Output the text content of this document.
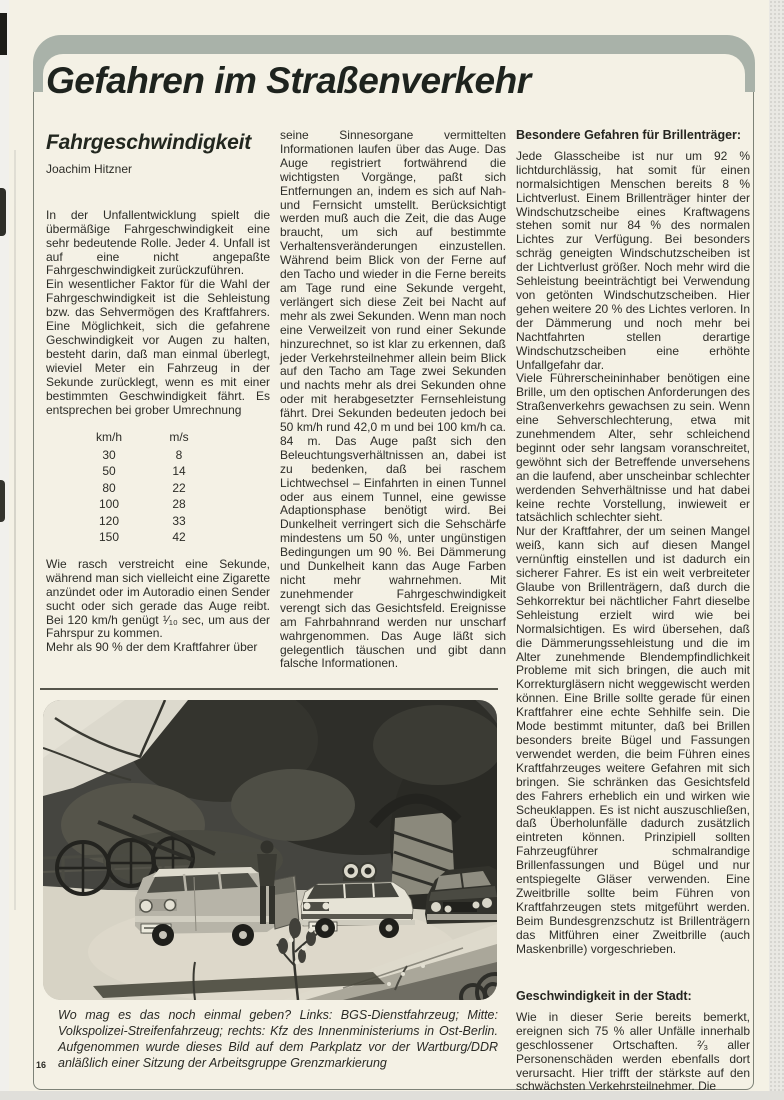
Gefahren im Straßenverkehr
Fahrgeschwindigkeit
Joachim Hitzner

In der Unfallentwicklung spielt die übermäßige Fahrgeschwindigkeit eine sehr bedeutende Rolle. Jeder 4. Unfall ist auf eine nicht angepaßte Fahrgeschwindigkeit zurückzuführen.

Ein wesentlicher Faktor für die Wahl der Fahrgeschwindigkeit ist die Sehleistung bzw. das Sehvermögen des Kraftfahrers. Eine Möglichkeit, sich die gefahrene Geschwindigkeit vor Augen zu halten, besteht darin, daß man einmal überlegt, wieviel Meter ein Fahrzeug in der Sekunde zurücklegt, wenn es mit einer bestimmten Geschwindigkeit fährt. Es entsprechen bei grober Umrechnung

km/h	m/s
30	8
50	14
80	22
100	28
120	33
150	42

Wie rasch verstreicht eine Sekunde, während man sich vielleicht eine Zigarette anzündet oder im Autoradio einen Sender sucht oder sich gerade das Auge reibt. Bei 120 km/h genügt ¹⁄₁₀ sec, um aus der Fahrspur zu kommen.

Mehr als 90 % der dem Kraftfahrer über

seine Sinnesorgane vermittelten Informationen laufen über das Auge. Das Auge registriert fortwährend die wichtigsten Vorgänge, paßt sich Entfernungen an, indem es sich auf Nah- und Fernsicht umstellt. Berücksichtigt werden muß auch die Zeit, die das Auge braucht, um sich auf bestimmte Verhaltensveränderungen einzustellen. Während beim Blick von der Ferne auf den Tacho und wieder in die Ferne bereits am Tage rund eine Sekunde vergeht, verlängert sich diese Zeit bei Nacht auf mehr als zwei Sekunden. Wenn man noch eine Verweilzeit von rund einer Sekunde hinzurechnet, so ist klar zu erkennen, daß jeder Verkehrsteilnehmer allein beim Blick auf den Tacho am Tage zwei Sekunden und nachts mehr als drei Sekunden ohne oder mit herabgesetzter Fernsehleistung fährt. Drei Sekunden bedeuten jedoch bei 50 km/h rund 42,0 m und bei 100 km/h ca. 84 m. Das Auge paßt sich den Beleuchtungsverhältnissen an, dabei ist zu bedenken, daß bei raschem Lichtwechsel – Einfahrten in einen Tunnel oder aus einem Tunnel, eine gewisse Adaptionsphase benötigt wird. Bei Dunkelheit verringert sich die Sehschärfe mindestens um 50 %, unter ungünstigen Bedingungen um 90 %. Bei Dämmerung und Dunkelheit kann das Auge Farben nicht mehr wahrnehmen. Mit zunehmender Fahrgeschwindigkeit verengt sich das Gesichtsfeld. Ereignisse am Fahrbahnrand werden nur unscharf wahrgenommen. Das Auge läßt sich gelegentlich täuschen und gibt dann falsche Informationen.

Besondere Gefahren für Brillenträger:

Jede Glasscheibe ist nur um 92 % lichtdurchlässig, hat somit für einen normalsichtigen Menschen bereits 8 % Lichtverlust. Einem Brillenträger hinter der Windschutzscheibe eines Kraftwagens stehen somit nur 84 % des normalen Lichtes zur Verfügung. Bei besonders schräg geneigten Windschutzscheiben ist der Lichtverlust größer. Noch mehr wird die Sehleistung beeinträchtigt bei Verwendung von getönten Windschutzscheiben. Hier gehen weitere 20 % des Lichtes verloren. In der Dämmerung und noch mehr bei Nachtfahrten stellen derartige Windschutzscheiben eine erhöhte Unfallgefahr dar.

Viele Führerscheininhaber benötigen eine Brille, um den optischen Anforderungen des Straßenverkehrs gewachsen zu sein. Wenn eine Sehverschlechterung, etwa mit zunehmendem Alter, sehr schleichend beginnt oder sehr langsam voranschreitet, gewöhnt sich der Betreffende unversehens an die laufend, aber unscheinbar schlechter werdenden Sehverhältnisse und hat dabei keine rechte Vorstellung, inwieweit er tatsächlich schlechter sieht.

Nur der Kraftfahrer, der um seinen Mangel weiß, kann sich auf diesen Mangel vernünftig einstellen und ist dadurch ein sicherer Fahrer. Es ist ein weit verbreiteter Glaube von Brillenträgern, daß durch die Sehkorrektur bei nächtlicher Fahrt dieselbe Sehleistung erzielt wird wie bei Normalsichtigen. Es wird übersehen, daß die Dämmerungssehleistung und die im Alter zunehmende Blendempfindlichkeit Probleme mit sich bringen, die auch mit Korrekturgläsern nicht weggewischt werden können. Eine Brille sollte gerade für einen Kraftfahrer eine echte Sehhilfe sein. Die Mode bestimmt mitunter, daß bei Brillen besonders breite Bügel und Fassungen verwendet werden, die beim Führen eines Kraftfahrzeuges weitere Gefahren mit sich bringen. Sie schränken das Gesichtsfeld des Fahrers erheblich ein und wirken wie Scheuklappen. Es ist nicht auszuschließen, daß Überholunfälle dadurch zusätzlich eintreten können. Prinzipiell sollten Fahrzeugführer schmalrandige Brillenfassungen und Bügel und nur entspiegelte Gläser verwenden. Eine Zweitbrille sollte beim Führen von Kraftfahrzeugen stets mitgeführt werden. Beim Bundesgrenzschutz ist Brillenträgern das Mitführen einer Zweitbrille (auch Maskenbrille) vorgeschrieben.

Geschwindigkeit in der Stadt:

Wie in dieser Serie bereits bemerkt, ereignen sich 75 % aller Unfälle innerhalb geschlossener Ortschaften. ²⁄₃ aller Personenschäden werden ebenfalls dort verursacht. Hier trifft der stärkste auf den schwächsten Verkehrsteilnehmer. Die

16
Wo mag es das noch einmal geben? Links: BGS-Dienstfahrzeug; Mitte: Volkspolizei-Streifenfahrzeug; rechts: Kfz des Innenministeriums in Ost-Berlin. Aufgenommen wurde dieses Bild auf dem Parkplatz vor der Wartburg/DDR anläßlich einer Sitzung der Arbeitsgruppe Grenzmarkierung
